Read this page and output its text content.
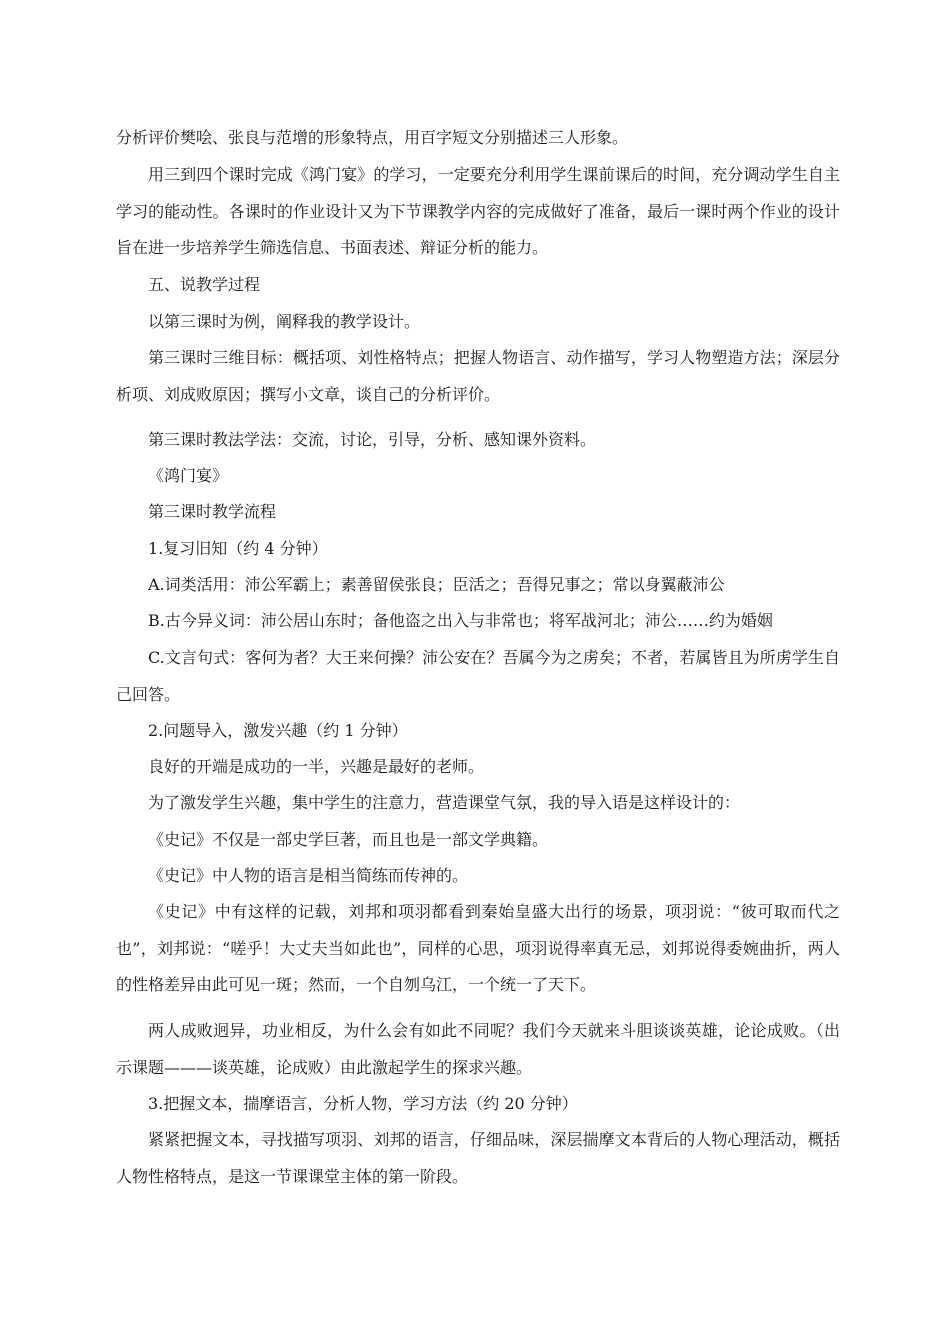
分析评价樊哙、张良与范增的形象特点，用百字短文分别描述三人形象。

用三到四个课时完成《鸿门宴》的学习，一定要充分利用学生课前课后的时间，充分调动学生自主学习的能动性。各课时的作业设计又为下节课教学内容的完成做好了准备，最后一课时两个作业的设计旨在进一步培养学生筛选信息、书面表述、辩证分析的能力。

五、说教学过程

以第三课时为例，阐释我的教学设计。

第三课时三维目标：概括项、刘性格特点；把握人物语言、动作描写，学习人物塑造方法；深层分析项、刘成败原因；撰写小文章，谈自己的分析评价。

第三课时教法学法：交流，讨论，引导，分析、感知课外资料。

《鸿门宴》

第三课时教学流程

1.复习旧知（约 4 分钟）

A.词类活用：沛公军霸上；素善留侯张良；臣活之；吾得兄事之；常以身翼蔽沛公

B.古今异义词：沛公居山东时；备他盗之出入与非常也；将军战河北；沛公……约为婚姻

C.文言句式：客何为者？大王来何操？沛公安在？吾属今为之虏矣；不者，若属皆且为所虏学生自己回答。

2.问题导入，激发兴趣（约 1 分钟）

良好的开端是成功的一半，兴趣是最好的老师。

为了激发学生兴趣，集中学生的注意力，营造课堂气氛，我的导入语是这样设计的：

《史记》不仅是一部史学巨著，而且也是一部文学典籍。

《史记》中人物的语言是相当简练而传神的。

《史记》中有这样的记载，刘邦和项羽都看到秦始皇盛大出行的场景，项羽说：“彼可取而代之也”，刘邦说：“嗟乎！大丈夫当如此也”，同样的心思，项羽说得率真无忌，刘邦说得委婉曲折，两人的性格差异由此可见一斑；然而，一个自刎乌江，一个统一了天下。

两人成败迥异，功业相反，为什么会有如此不同呢？我们今天就来斗胆谈谈英雄，论论成败。（出示课题———谈英雄，论成败）由此激起学生的探求兴趣。

3.把握文本，揣摩语言，分析人物，学习方法（约 20 分钟）

紧紧把握文本，寻找描写项羽、刘邦的语言，仔细品味，深层揣摩文本背后的人物心理活动，概括人物性格特点，是这一节课课堂主体的第一阶段。
